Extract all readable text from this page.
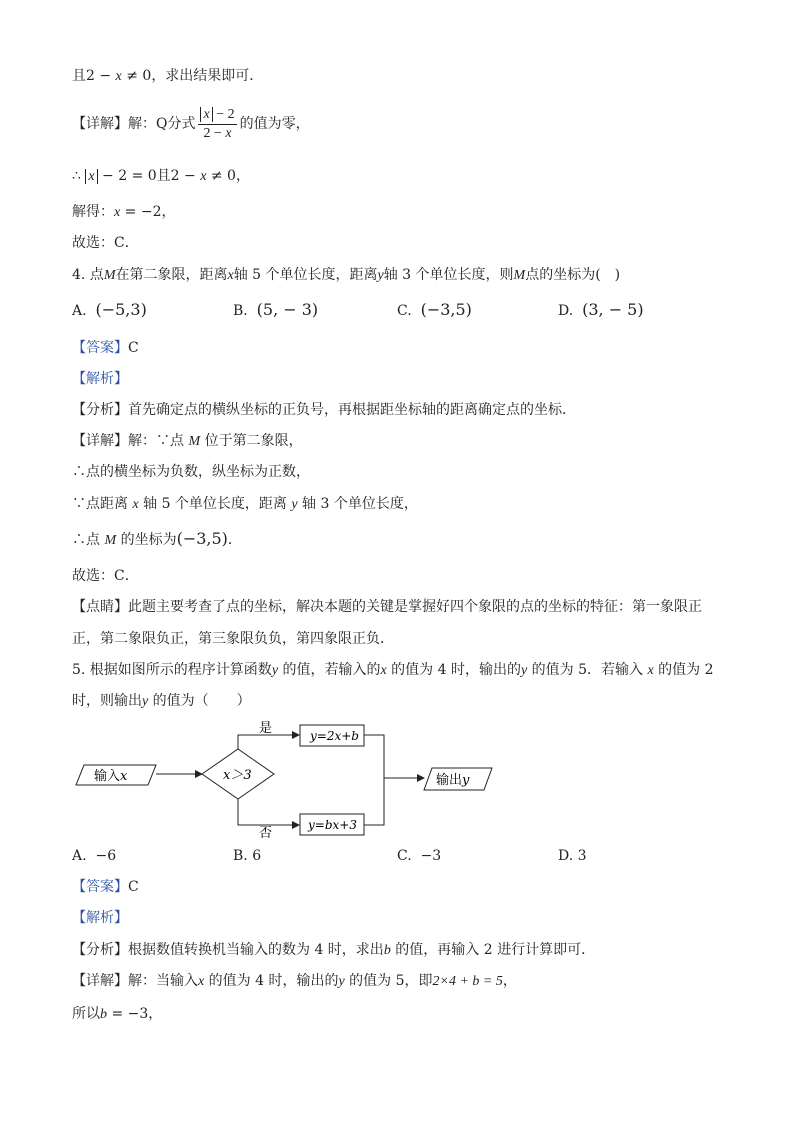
且2 − x ≠ 0，求出结果即可．
【详解】解：Q分式 $\frac{x - 2}{2 - x}$ 的值为零，
∴ x − 2 = 0且2 − x ≠ 0，
解得：x = −2，
故选：C．
4. 点M在第二象限，距离x轴 5 个单位长度，距离y轴 3 个单位长度，则M点的坐标为(　)
A. (−5,3)	B. (5, − 3)	C. (−3,5)	D. (3, − 5)
【答案】C
【解析】
【分析】首先确定点的横纵坐标的正负号，再根据距坐标轴的距离确定点的坐标．
【详解】解：∵点 M 位于第二象限，
∴点的横坐标为负数，纵坐标为正数，
∵点距离 x 轴 5 个单位长度，距离 y 轴 3 个单位长度，
∴点 M 的坐标为(−3,5)．
故选：C．
【点睛】此题主要考查了点的坐标，解决本题的关键是掌握好四个象限的点的坐标的特征：第一象限正
正，第二象限负正，第三象限负负，第四象限正负．
5. 根据如图所示的程序计算函数y 的值，若输入的x 的值为 4 时，输出的y 的值为 5．若输入 x 的值为 2
时，则输出y 的值为（　　）
输入x	x＞3
是	y=2x+b
否
y=bx+3
输出y
A. −6	B. 6	C. −3	D. 3
【答案】C
【解析】
【分析】根据数值转换机当输入的数为 4 时，求出b 的值，再输入 2 进行计算即可．
【详解】解：当输入x 的值为 4 时，输出的y 的值为 5，即2×4 + b = 5，
所以b = −3，
